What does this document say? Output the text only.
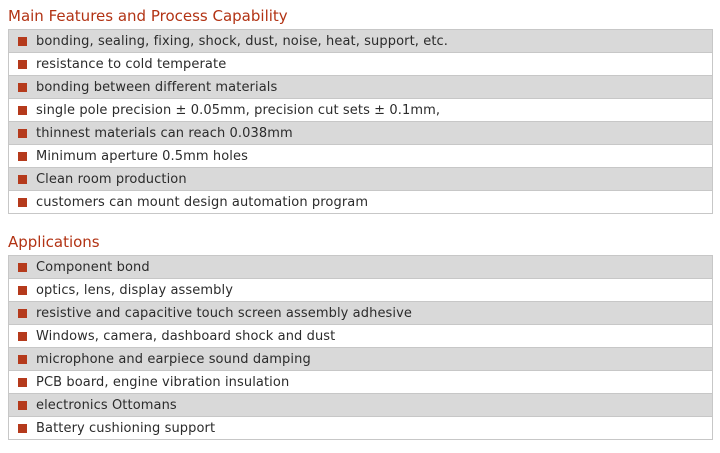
Main Features and Process Capability
bonding, sealing, fixing, shock, dust, noise, heat, support, etc.
resistance to cold temperate
bonding between different materials
single pole precision ± 0.05mm, precision cut sets ± 0.1mm,
thinnest materials can reach 0.038mm
Minimum aperture 0.5mm holes
Clean room production
customers can mount design automation program
Applications
Component bond
optics, lens, display assembly
resistive and capacitive touch screen assembly adhesive
Windows, camera, dashboard shock and dust
microphone and earpiece sound damping
PCB board, engine vibration insulation
electronics Ottomans
Battery cushioning support
